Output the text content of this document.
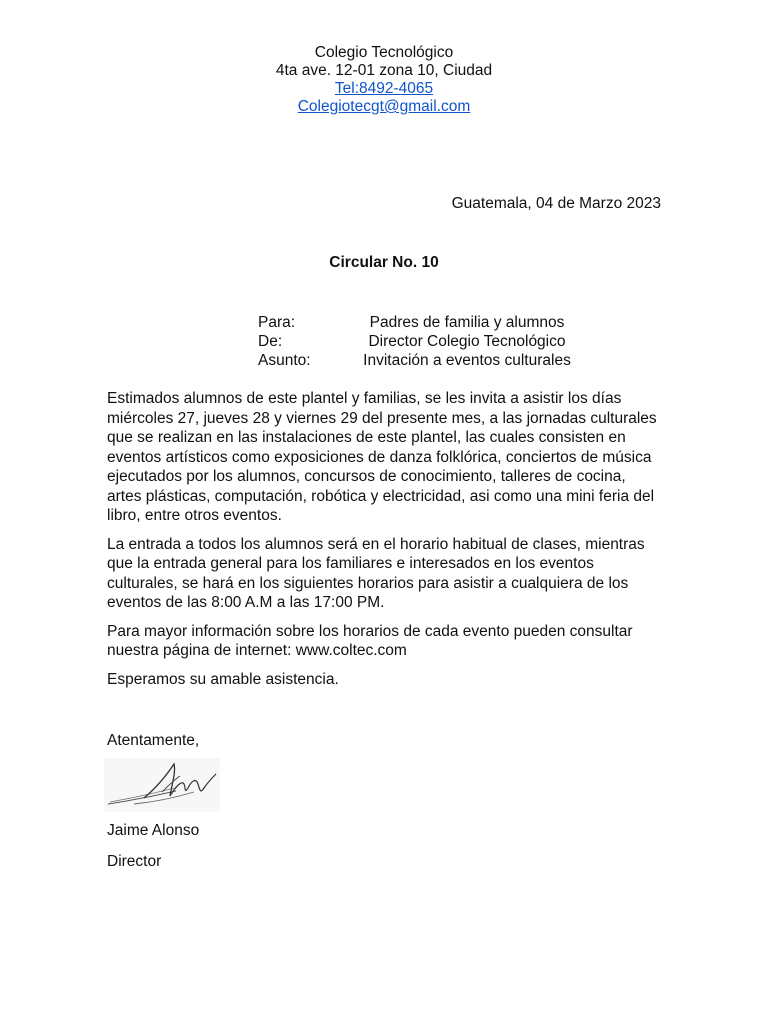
Colegio Tecnológico
4ta ave. 12-01 zona 10, Ciudad
Tel:8492-4065
Colegiotecgt@gmail.com
Guatemala, 04 de Marzo 2023
Circular No. 10
Para:	Padres de familia y alumnos
De:	Director Colegio Tecnológico
Asunto:	Invitación a eventos culturales

Estimados alumnos de este plantel y familias, se les invita a asistir los días miércoles 27, jueves 28 y viernes 29 del presente mes, a las jornadas culturales que se realizan en las instalaciones de este plantel, las cuales consisten en eventos artísticos como exposiciones de danza folklórica, conciertos de música ejecutados por los alumnos, concursos de conocimiento, talleres de cocina, artes plásticas, computación, robótica y electricidad, asi como una mini feria del libro, entre otros eventos.

La entrada a todos los alumnos será en el horario habitual de clases, mientras que la entrada general para los familiares e interesados en los eventos culturales, se hará en los siguientes horarios para asistir a cualquiera de los eventos de las 8:00 A.M a las 17:00 PM.

Para mayor información sobre los horarios de cada evento pueden consultar nuestra página de internet: www.coltec.com

Esperamos su amable asistencia.

Atentamente,
Jaime Alonso
Director
